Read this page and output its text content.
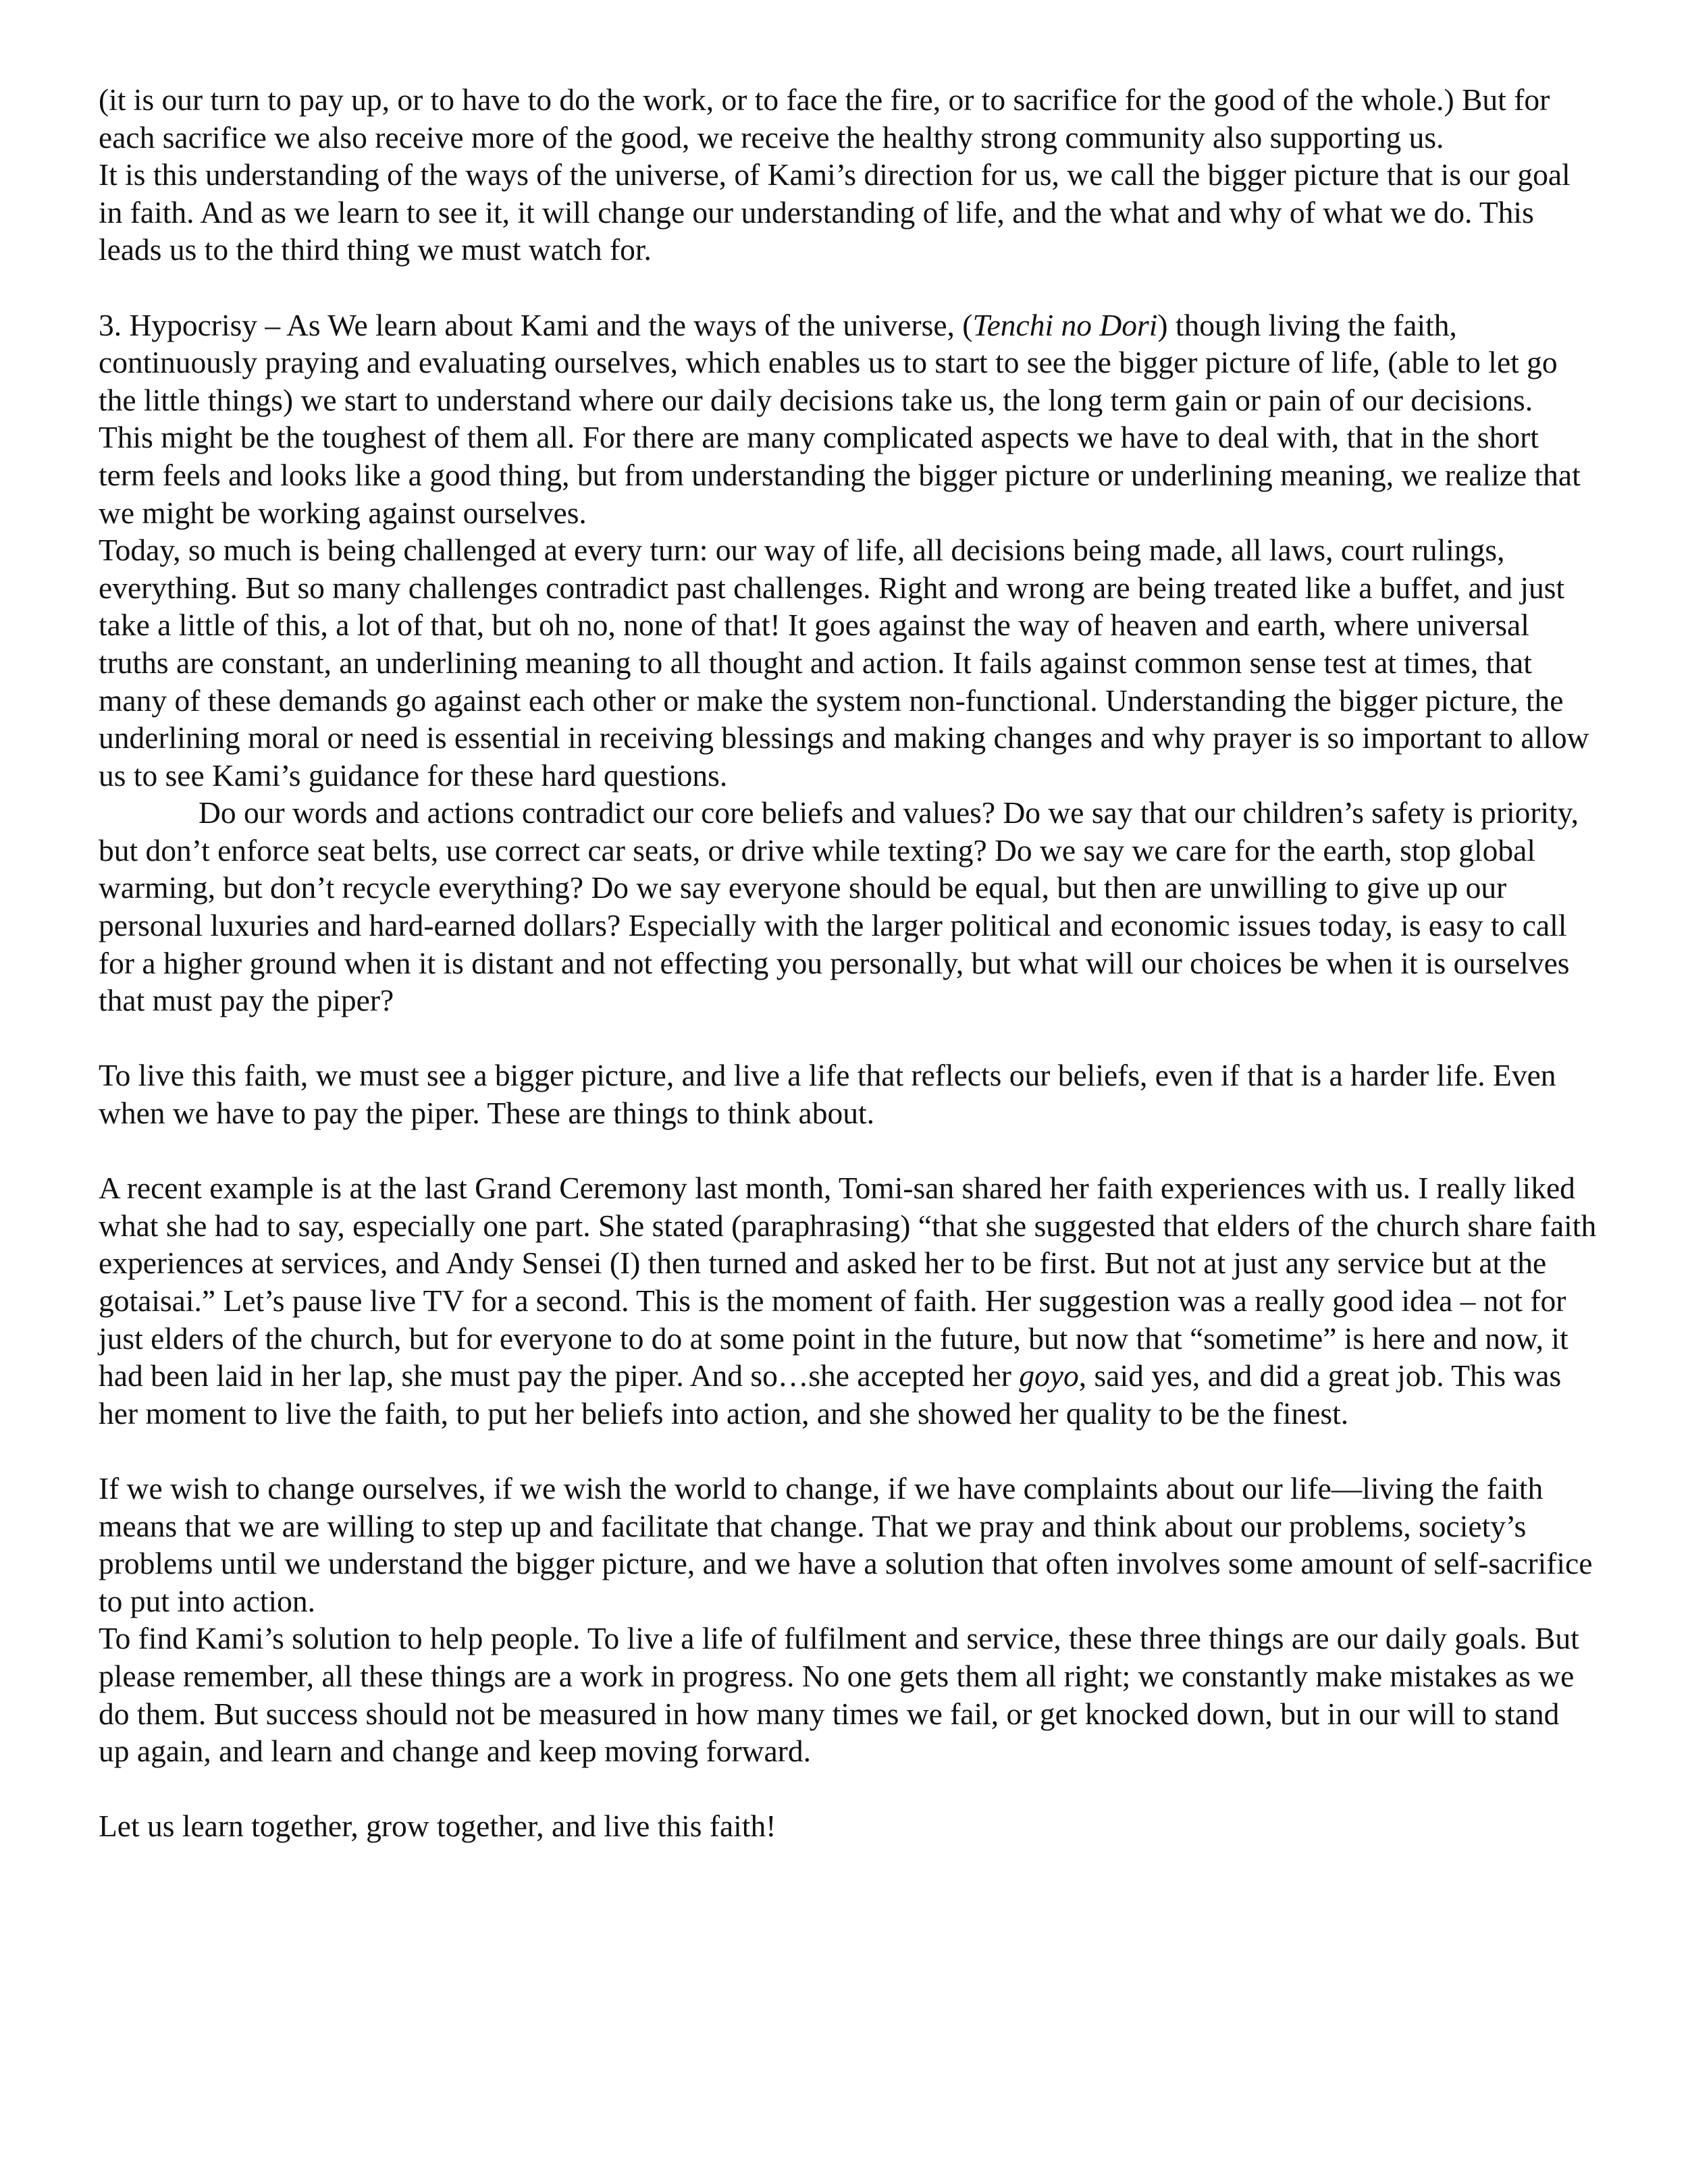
(it is our turn to pay up, or to have to do the work, or to face the fire, or to sacrifice for the good of the whole.) But for each sacrifice we also receive more of the good, we receive the healthy strong community also supporting us.

It is this understanding of the ways of the universe, of Kami’s direction for us, we call the bigger picture that is our goal in faith. And as we learn to see it, it will change our understanding of life, and the what and why of what we do. This leads us to the third thing we must watch for.

3. Hypocrisy – As We learn about Kami and the ways of the universe, (Tenchi no Dori) though living the faith, continuously praying and evaluating ourselves, which enables us to start to see the bigger picture of life, (able to let go the little things) we start to understand where our daily decisions take us, the long term gain or pain of our decisions.

This might be the toughest of them all. For there are many complicated aspects we have to deal with, that in the short term feels and looks like a good thing, but from understanding the bigger picture or underlining meaning, we realize that we might be working against ourselves.

Today, so much is being challenged at every turn: our way of life, all decisions being made, all laws, court rulings, everything. But so many challenges contradict past challenges. Right and wrong are being treated like a buffet, and just take a little of this, a lot of that, but oh no, none of that! It goes against the way of heaven and earth, where universal truths are constant, an underlining meaning to all thought and action. It fails against common sense test at times, that many of these demands go against each other or make the system non-functional. Understanding the bigger picture, the underlining moral or need is essential in receiving blessings and making changes and why prayer is so important to allow us to see Kami’s guidance for these hard questions.

Do our words and actions contradict our core beliefs and values? Do we say that our children’s safety is priority, but don’t enforce seat belts, use correct car seats, or drive while texting? Do we say we care for the earth, stop global warming, but don’t recycle everything? Do we say everyone should be equal, but then are unwilling to give up our personal luxuries and hard-earned dollars? Especially with the larger political and economic issues today, is easy to call for a higher ground when it is distant and not effecting you personally, but what will our choices be when it is ourselves that must pay the piper?

To live this faith, we must see a bigger picture, and live a life that reflects our beliefs, even if that is a harder life. Even when we have to pay the piper. These are things to think about.

A recent example is at the last Grand Ceremony last month, Tomi-san shared her faith experiences with us. I really liked what she had to say, especially one part. She stated (paraphrasing) “that she suggested that elders of the church share faith experiences at services, and Andy Sensei (I) then turned and asked her to be first. But not at just any service but at the gotaisai.” Let’s pause live TV for a second. This is the moment of faith. Her suggestion was a really good idea – not for just elders of the church, but for everyone to do at some point in the future, but now that “sometime” is here and now, it had been laid in her lap, she must pay the piper. And so…she accepted her goyo, said yes, and did a great job. This was her moment to live the faith, to put her beliefs into action, and she showed her quality to be the finest.

If we wish to change ourselves, if we wish the world to change, if we have complaints about our life—living the faith means that we are willing to step up and facilitate that change. That we pray and think about our problems, society’s problems until we understand the bigger picture, and we have a solution that often involves some amount of self-sacrifice to put into action.

To find Kami’s solution to help people. To live a life of fulfilment and service, these three things are our daily goals. But please remember, all these things are a work in progress. No one gets them all right; we constantly make mistakes as we do them. But success should not be measured in how many times we fail, or get knocked down, but in our will to stand up again, and learn and change and keep moving forward.

Let us learn together, grow together, and live this faith!
